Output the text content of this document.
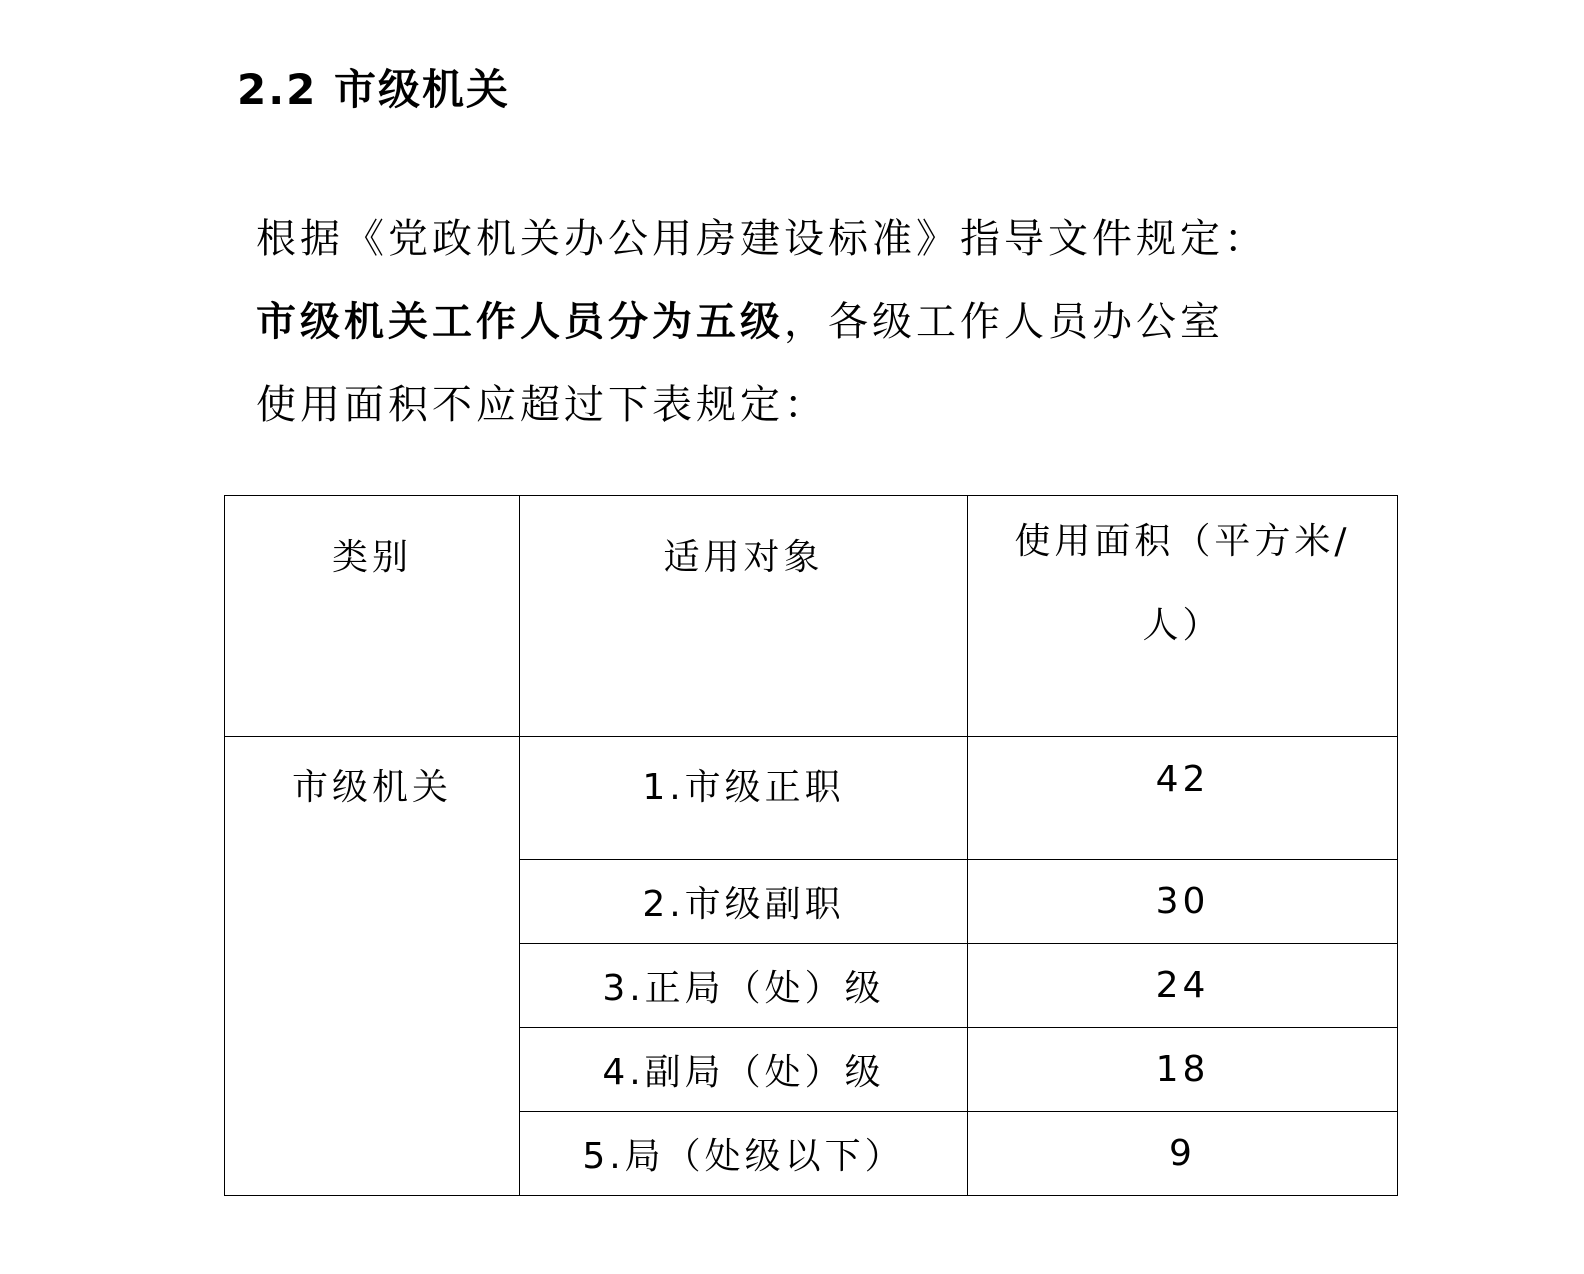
2.2 市级机关
根据《党政机关办公用房建设标准》指导文件规定：
市级机关工作人员分为五级，各级工作人员办公室
使用面积不应超过下表规定：
类别	适用对象	使用面积（平方米/
人）

市级机关	1.市级正职	42
	2.市级副职	30
	3.正局（处）级	24
	4.副局（处）级	18
	5.局（处级以下）	9
